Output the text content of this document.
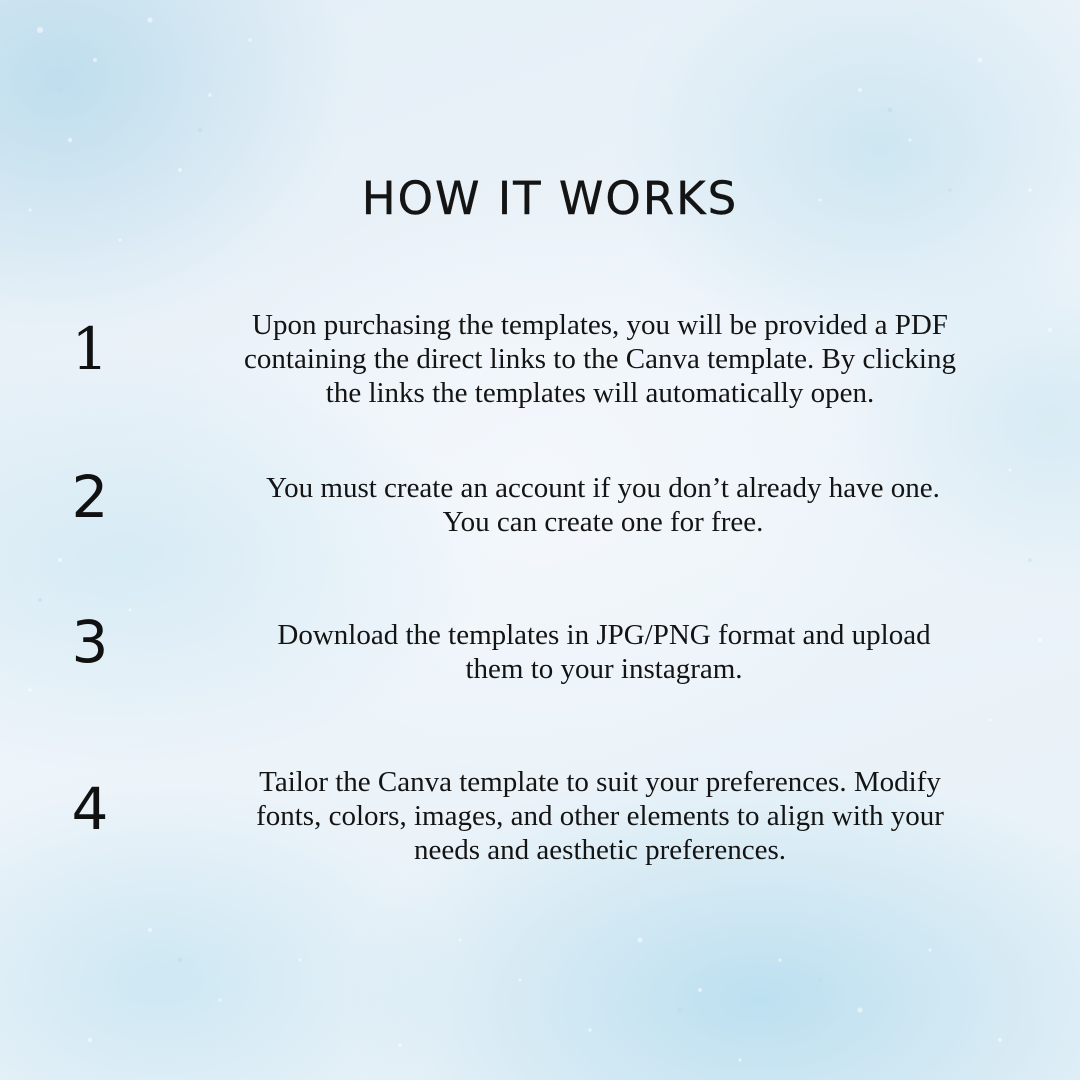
HOW IT WORKS
1	Upon purchasing the templates, you will be provided a PDF
containing the direct links to the Canva template. By clicking
the links the templates will automatically open.

2	You must create an account if you don’t already have one.
You can create one for free.

3	Download the templates in JPG/PNG format and upload
them to your instagram.

4	Tailor the Canva template to suit your preferences. Modify
fonts, colors, images, and other elements to align with your
needs and aesthetic preferences.
